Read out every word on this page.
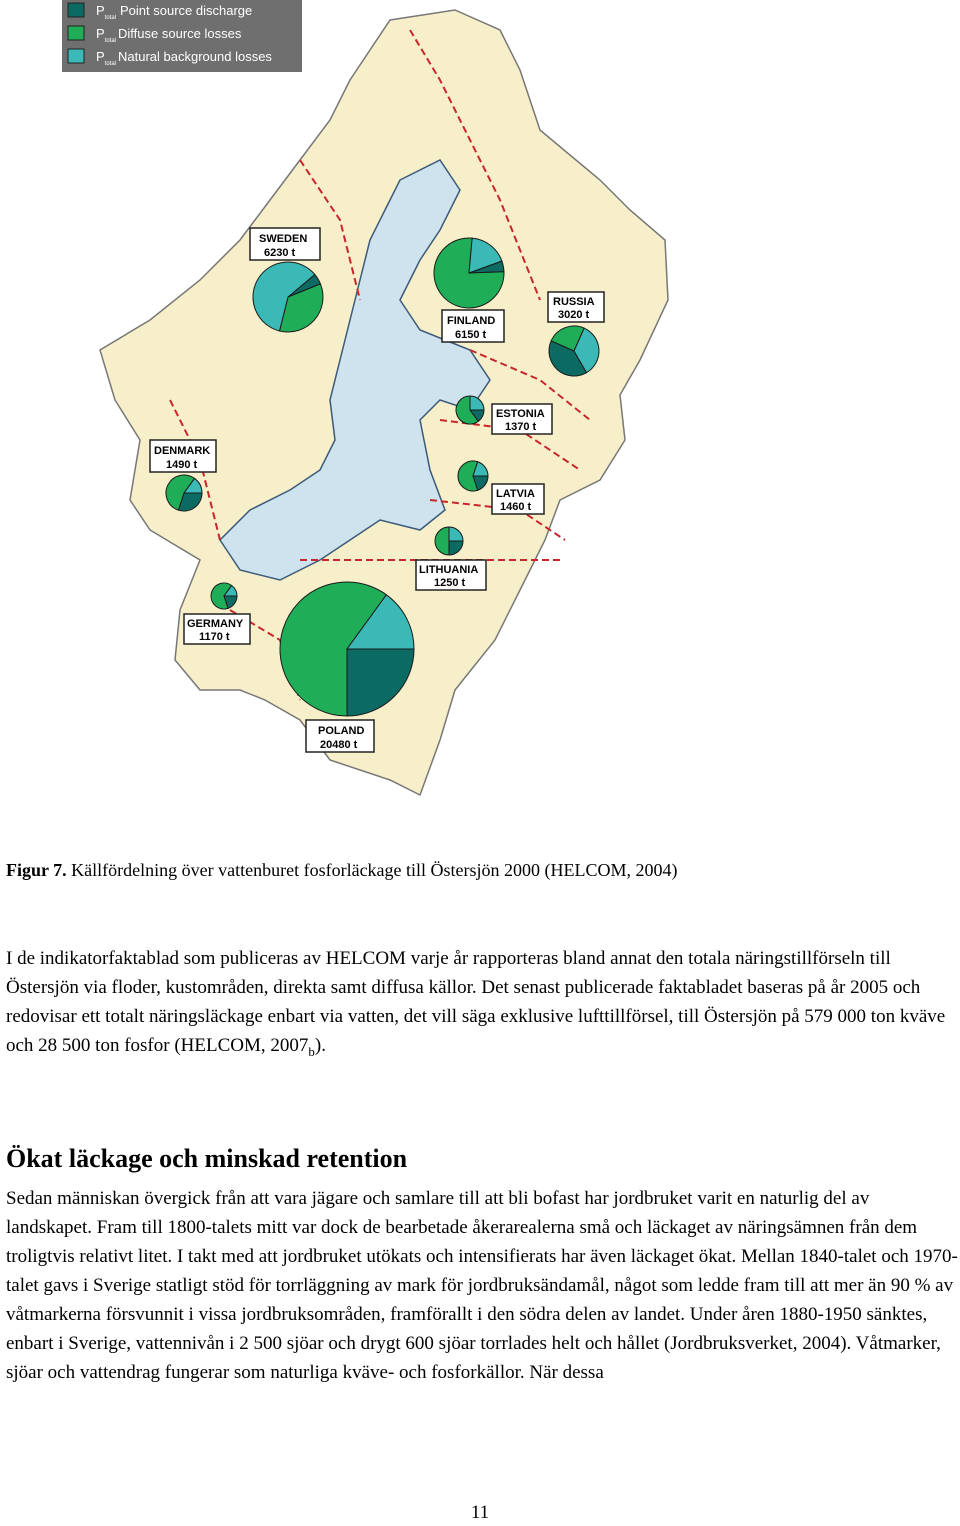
$P_{total}$ Point source discharge
$P_{total}$ Diffuse source losses
$P_{total}$ Natural background losses
SWEDEN
6230 t
FINLAND
6150 t
RUSSIA
3020 t
ESTONIA
1370 t
LATVIA
1460 t
LITHUANIA
1250 t
DENMARK
1490 t
GERMANY
1170 t
POLAND
20480 t
Figur 7. Källfördelning över vattenburet fosforläckage till Östersjön 2000 (HELCOM, 2004)

I de indikatorfaktablad som publiceras av HELCOM varje år rapporteras bland annat den totala näringstillförseln till Östersjön via floder, kustområden, direkta samt diffusa källor. Det senast publicerade faktabladet baseras på år 2005 och redovisar ett totalt näringsläckage enbart via vatten, det vill säga exklusive lufttillförsel, till Östersjön på 579 000 ton kväve och 28 500 ton fosfor (HELCOM, $2007_b$).

Ökat läckage och minskad retention

Sedan människan övergick från att vara jägare och samlare till att bli bofast har jordbruket varit en naturlig del av landskapet. Fram till 1800-talets mitt var dock de bearbetade åkerarealerna små och läckaget av näringsämnen från dem troligtvis relativt litet. I takt med att jordbruket utökats och intensifierats har även läckaget ökat. Mellan 1840-talet och 1970-talet gavs i Sverige statligt stöd för torrläggning av mark för jordbruksändamål, något som ledde fram till att mer än 90 % av våtmarkerna försvunnit i vissa jordbruksområden, framförallt i den södra delen av landet. Under åren 1880-1950 sänktes, enbart i Sverige, vattennivån i 2 500 sjöar och drygt 600 sjöar torrlades helt och hållet (Jordbruksverket, 2004). Våtmarker, sjöar och vattendrag fungerar som naturliga kväve- och fosforkällor. När dessa

11
